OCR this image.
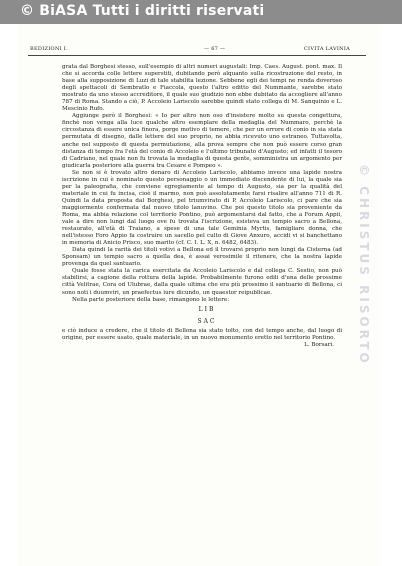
© BiASA Tutti i diritti riservati
BEDIZIONI I.	— 67 —	CIVITA LAVINIA

grata dal Borghesi stesso, sull'esempio di altri numeri augustali: Imp. Caes. August. pont. max. Il che si accorda colle lettere superstiti, dubitando però alquanto sulla ricostruzione del resto, in base alla supposizione di Luzi di tale stabilita lezione. Sebbene egli dei tempi ne renda doveroso degli spettacoli di Sembratlo e Fiaccola, questo l'altro editto del Nummante, sarebbe stato mostrato da uno stesso accreditore, il quale suo giudizio non ebbe dubitato da accogliere all'anno 787 di Roma. Stando a ciò, P. Accoleio Lariscolo sarebbe quindi stato collega di M. Sanquinio e L. Mescinio Rufo.

Aggiunge però il Borghesi: « Io per altro non oso d'insistere molto su questa congettura, finchè non venga alla luce qualche altro esemplare della medaglia del Nummaro, perchè la circostanza di essere unica finora, porge motivo di temere, che per un errore di conio in sia stata permutata di disegno, dalle lettere del suo proprio, ne abbia ricevuto uno estraneo. Tuttavolta, anche nel supposto di questa permutazione, alla prova sempre che non può essere corso gran distanza di tempo fra l'età del conio di Accoleio e l'ultimo tribunato d'Augusto; ed infatti il tesoro di Cadriano, nel quale non fu trovata la medaglia di questa gente, somministra un argomento per giudicarla posteriore alla guerra tra Cesare e Pompeo ».

Se non si è trovato altro denaro di Accoleio Lariscolo, abbiamo invece una lapide nostra iscrizione in cui è nominato questo personaggio o un immediato discendente di lui, la quale sia per la paleografia, che conviene egregiamente al tempo di Augusto, sia per la qualità del materiale in cui fu incisa, cioè il marmo, non può assolutamente farsi risalire all'anno 711 di R. Quindi la data proposta dal Borghesi, pel triumvirato di P. Accoleio Lariscolo, ci pare che sia maggiormente confermata dal nuovo titolo lanuvino. Che poi questo titolo sia proveniente da Roma, ma abbia relazione col territorio Pontino, può argomentarsi dal fatto, che a Forum Appii, vale a dire non lungi dal luogo ove fu trovata l'iscrizione, esisteva un tempio sacro a Bellona, restaurato, all'età di Traiano, a spese di una tale Geminia Myrtis, famigliare donna, che nell'istesso Foro Appio fa costruire un sacello pel culto di Giove Anxuro, accidi vi si banchettano in memoria di Anicio Prisco, suo marito (cf. C. I. L. X, n. 6482, 6483).

Data quindi la rarità dei titoli votivi a Bellona ed il trovarsi proprio non lungi da Cisterna (ad Sponsam) un tempio sacro a quella dea, è assai verosimile il ritenere, che la nostra lapide provenga da quel santuario.

Quale fosse stata la carica esercitata da Accoleio Lariscolo e dal collega C. Sestio, non può stabilirsi, a cagione della rottura della lapide. Probabilmente furono edili d'una delle prossime città Velitrae, Cora od Ulubrae, dalla quale ultima che era più prossimo il santuario di Bellona, ci sono noti i duumviri, un praefectus iure dicundo, un quaestor reipublicae.

Nella parte posteriore della base, rimangono le lettere:

LIB

SAC

e ciò induce a credere, che il titolo di Bellona sia stato tolto, con del tempo anche, dal luogo di origine, per essere usato, quale materiale, in un nuovo monumento eretto nel territorio Pontino.

L. Borsari.	© CHRISTUS RISORTO
